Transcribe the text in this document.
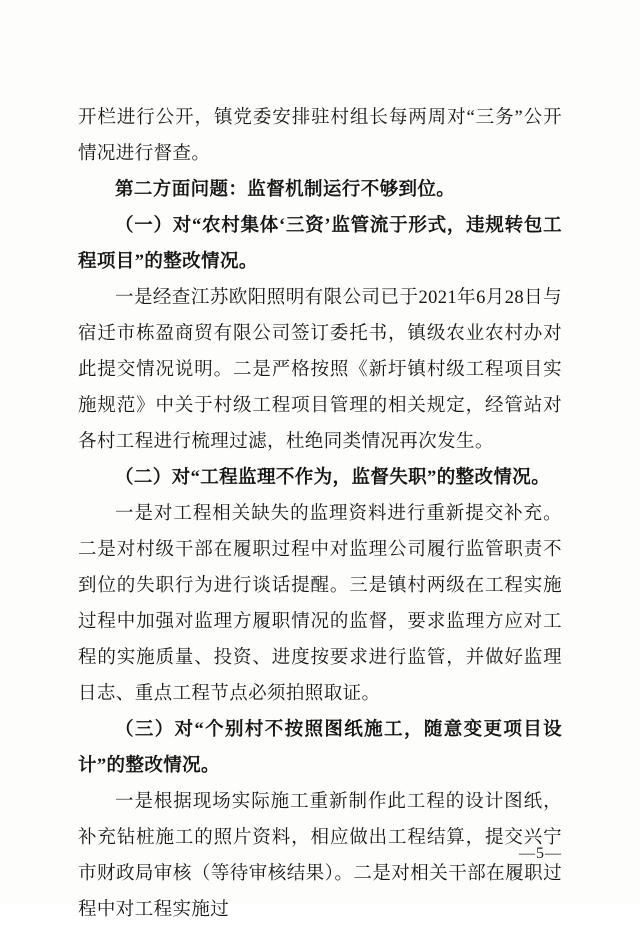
开栏进行公开，镇党委安排驻村组长每两周对“三务”公开情况进行督查。

第二方面问题：监督机制运行不够到位。

（一）对“农村集体‘三资’监管流于形式，违规转包工程项目”的整改情况。

一是经查江苏欧阳照明有限公司已于2021年6月28日与宿迁市栋盈商贸有限公司签订委托书，镇级农业农村办对此提交情况说明。二是严格按照《新圩镇村级工程项目实施规范》中关于村级工程项目管理的相关规定，经管站对各村工程进行梳理过滤，杜绝同类情况再次发生。

（二）对“工程监理不作为，监督失职”的整改情况。

一是对工程相关缺失的监理资料进行重新提交补充。二是对村级干部在履职过程中对监理公司履行监管职责不到位的失职行为进行谈话提醒。三是镇村两级在工程实施过程中加强对监理方履职情况的监督，要求监理方应对工程的实施质量、投资、进度按要求进行监管，并做好监理日志、重点工程节点必须拍照取证。

（三）对“个别村不按照图纸施工，随意变更项目设计”的整改情况。

一是根据现场实际施工重新制作此工程的设计图纸，补充钻桩施工的照片资料，相应做出工程结算，提交兴宁市财政局审核（等待审核结果）。二是对相关干部在履职过程中对工程实施过

—5—
